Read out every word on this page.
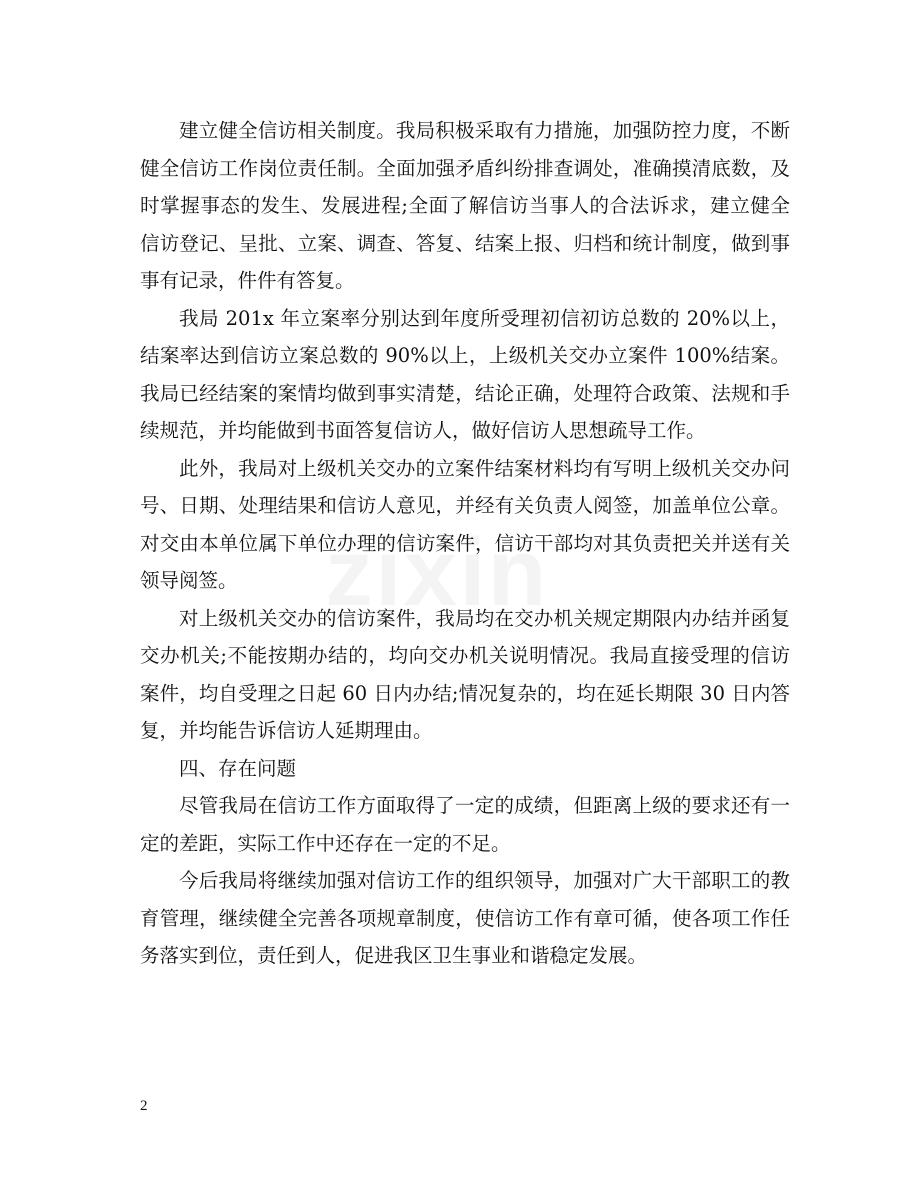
建立健全信访相关制度。我局积极采取有力措施，加强防控力度，不断健全信访工作岗位责任制。全面加强矛盾纠纷排查调处，准确摸清底数，及时掌握事态的发生、发展进程;全面了解信访当事人的合法诉求，建立健全信访登记、呈批、立案、调查、答复、结案上报、归档和统计制度，做到事事有记录，件件有答复。

我局 201x 年立案率分别达到年度所受理初信初访总数的 20%以上，结案率达到信访立案总数的 90%以上，上级机关交办立案件 100%结案。我局已经结案的案情均做到事实清楚，结论正确，处理符合政策、法规和手续规范，并均能做到书面答复信访人，做好信访人思想疏导工作。

此外，我局对上级机关交办的立案件结案材料均有写明上级机关交办问号、日期、处理结果和信访人意见，并经有关负责人阅签，加盖单位公章。对交由本单位属下单位办理的信访案件，信访干部均对其负责把关并送有关领导阅签。

对上级机关交办的信访案件，我局均在交办机关规定期限内办结并函复交办机关;不能按期办结的，均向交办机关说明情况。我局直接受理的信访案件，均自受理之日起 60 日内办结;情况复杂的，均在延长期限 30 日内答复，并均能告诉信访人延期理由。

四、存在问题

尽管我局在信访工作方面取得了一定的成绩，但距离上级的要求还有一定的差距，实际工作中还存在一定的不足。

今后我局将继续加强对信访工作的组织领导，加强对广大干部职工的教育管理，继续健全完善各项规章制度，使信访工作有章可循，使各项工作任务落实到位，责任到人，促进我区卫生事业和谐稳定发展。

2
